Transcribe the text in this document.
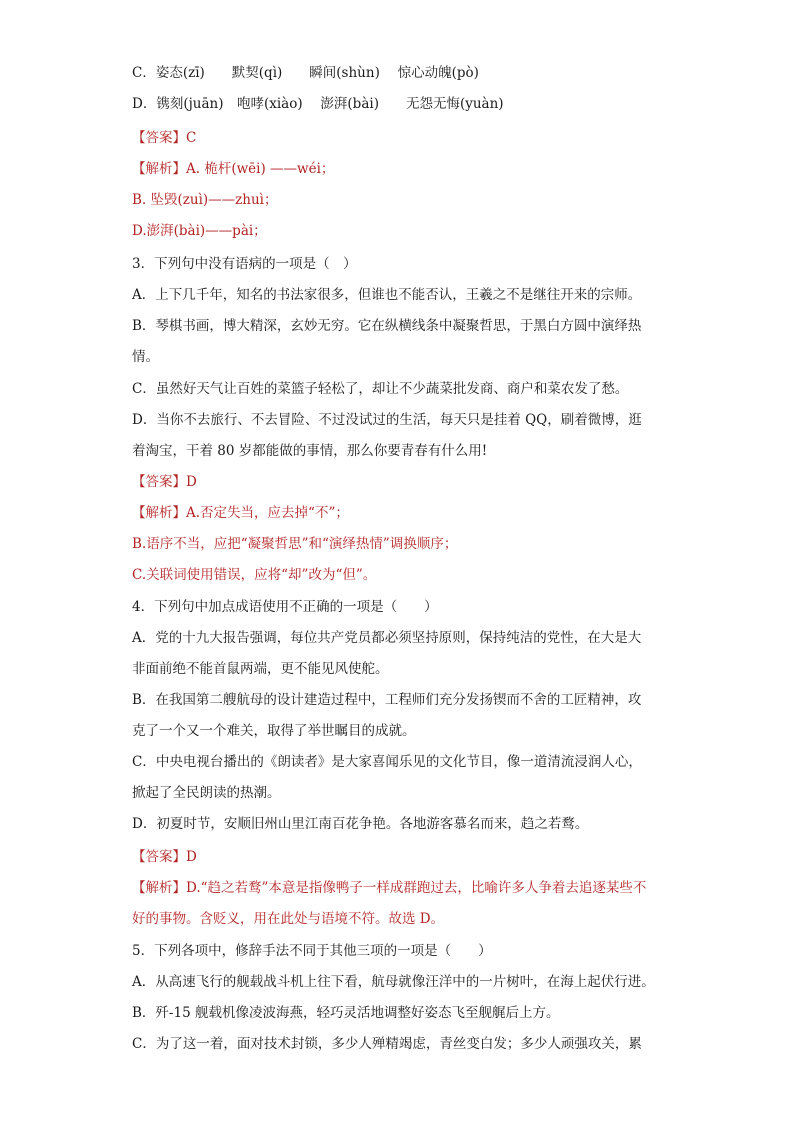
C．姿态(zī)　　默契(qì)　　瞬间(shùn)　 惊心动魄(pò)
D．镌刻(juān)　咆哮(xiào)　 澎湃(bài)　　无怨无悔(yuàn)
【答案】C
【解析】A. 桅杆(wēi) ——wéi；
B. 坠毁(zuì)——zhuì；
D.澎湃(bài)——pài；
3．下列句中没有语病的一项是（　）
A．上下几千年，知名的书法家很多，但谁也不能否认，王羲之不是继往开来的宗师。
B．琴棋书画，博大精深，玄妙无穷。它在纵横线条中凝聚哲思，于黑白方圆中演绎热
情。
C．虽然好天气让百姓的菜篮子轻松了，却让不少蔬菜批发商、商户和菜农发了愁。
D．当你不去旅行、不去冒险、不过没试过的生活，每天只是挂着 QQ，刷着微博，逛
着淘宝，干着 80 岁都能做的事情，那么你要青春有什么用!
【答案】D
【解析】A.否定失当，应去掉“不”；
B.语序不当，应把“凝聚哲思”和“演绎热情”调换顺序；
C.关联词使用错误，应将“却”改为“但”。
4．下列句中加点成语使用不正确的一项是（　　）
A．党的十九大报告强调，每位共产党员都必须坚持原则，保持纯洁的党性，在大是大
非面前绝不能首鼠两端，更不能见风使舵。
B．在我国第二艘航母的设计建造过程中，工程师们充分发扬锲而不舍的工匠精神，攻
克了一个又一个难关，取得了举世瞩目的成就。
C．中央电视台播出的《朗读者》是大家喜闻乐见的文化节目，像一道清流浸润人心，
掀起了全民朗读的热潮。
D．初夏时节，安顺旧州山里江南百花争艳。各地游客慕名而来，趋之若鹜。
【答案】D
【解析】D.“趋之若鹜”本意是指像鸭子一样成群跑过去，比喻许多人争着去追逐某些不
好的事物。含贬义，用在此处与语境不符。故选 D。
5．下列各项中，修辞手法不同于其他三项的一项是（　　）
A．从高速飞行的舰载战斗机上往下看，航母就像汪洋中的一片树叶，在海上起伏行进。
B．歼-15 舰载机像凌波海燕，轻巧灵活地调整好姿态飞至舰艉后上方。
C．为了这一着，面对技术封锁，多少人殚精竭虑，青丝变白发；多少人顽强攻关，累
